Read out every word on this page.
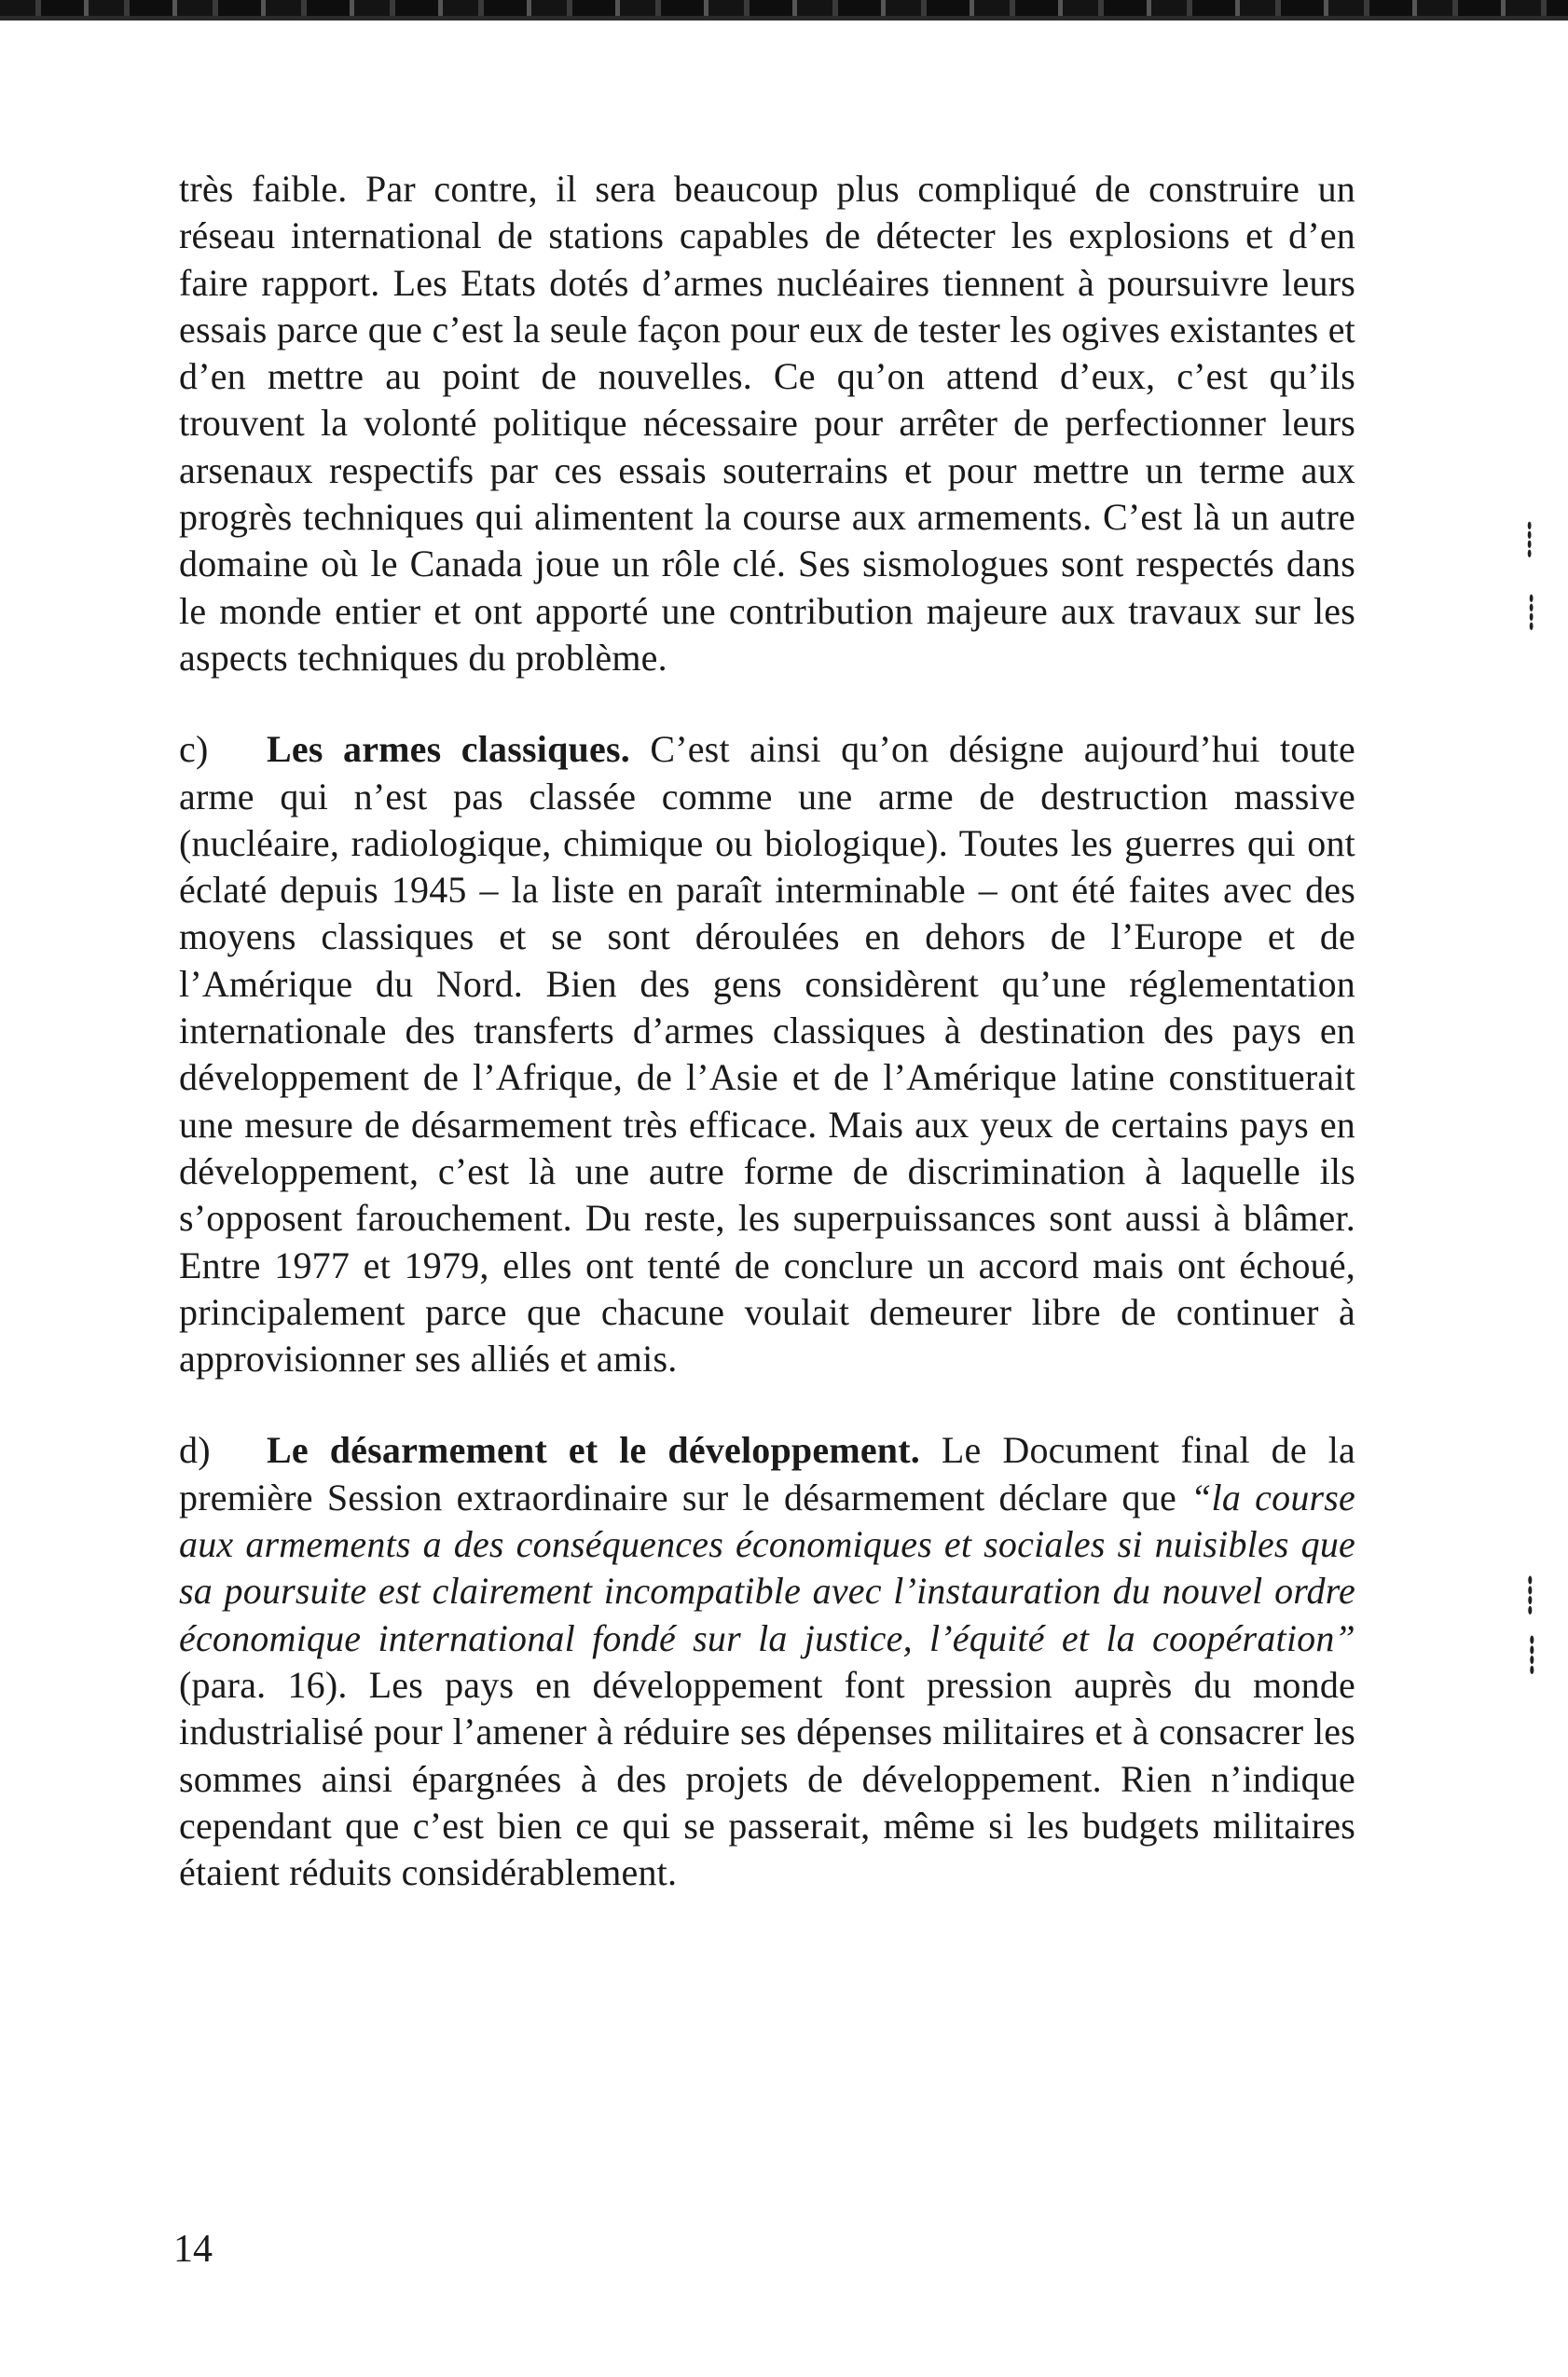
très faible. Par contre, il sera beaucoup plus compliqué de construire un réseau international de stations capables de détecter les explosions et d’en faire rapport. Les Etats dotés d’armes nucléaires tiennent à poursuivre leurs essais parce que c’est la seule façon pour eux de tester les ogives existantes et d’en mettre au point de nouvelles. Ce qu’on attend d’eux, c’est qu’ils trouvent la volonté politique nécessaire pour arrêter de perfectionner leurs arsenaux respectifs par ces essais souterrains et pour mettre un terme aux progrès techniques qui alimentent la course aux armements. C’est là un autre domaine où le Canada joue un rôle clé. Ses sismologues sont respectés dans le monde entier et ont apporté une contribution majeure aux travaux sur les aspects techniques du problème.

c) Les armes classiques. C’est ainsi qu’on désigne aujourd’hui toute arme qui n’est pas classée comme une arme de destruction massive (nucléaire, radiologique, chimique ou biologique). Toutes les guerres qui ont éclaté depuis 1945 – la liste en paraît interminable – ont été faites avec des moyens classiques et se sont déroulées en dehors de l’Europe et de l’Amérique du Nord. Bien des gens considèrent qu’une réglementation internationale des transferts d’armes classiques à destination des pays en développement de l’Afrique, de l’Asie et de l’Amérique latine constituerait une mesure de désarmement très efficace. Mais aux yeux de certains pays en développement, c’est là une autre forme de discrimination à laquelle ils s’opposent farouchement. Du reste, les superpuissances sont aussi à blâmer. Entre 1977 et 1979, elles ont tenté de conclure un accord mais ont échoué, principalement parce que chacune voulait demeurer libre de continuer à approvisionner ses alliés et amis.

d) Le désarmement et le développement. Le Document final de la première Session extraordinaire sur le désarmement déclare que “la course aux armements a des conséquences économiques et sociales si nuisibles que sa poursuite est clairement incompatible avec l’instauration du nouvel ordre économique international fondé sur la justice, l’équité et la coopération” (para. 16). Les pays en développement font pression auprès du monde industrialisé pour l’amener à réduire ses dépenses militaires et à consacrer les sommes ainsi épargnées à des projets de développement. Rien n’indique cependant que c’est bien ce qui se passerait, même si les budgets militaires étaient réduits considérablement.

14
⁞
⁞
⁞
⁞
